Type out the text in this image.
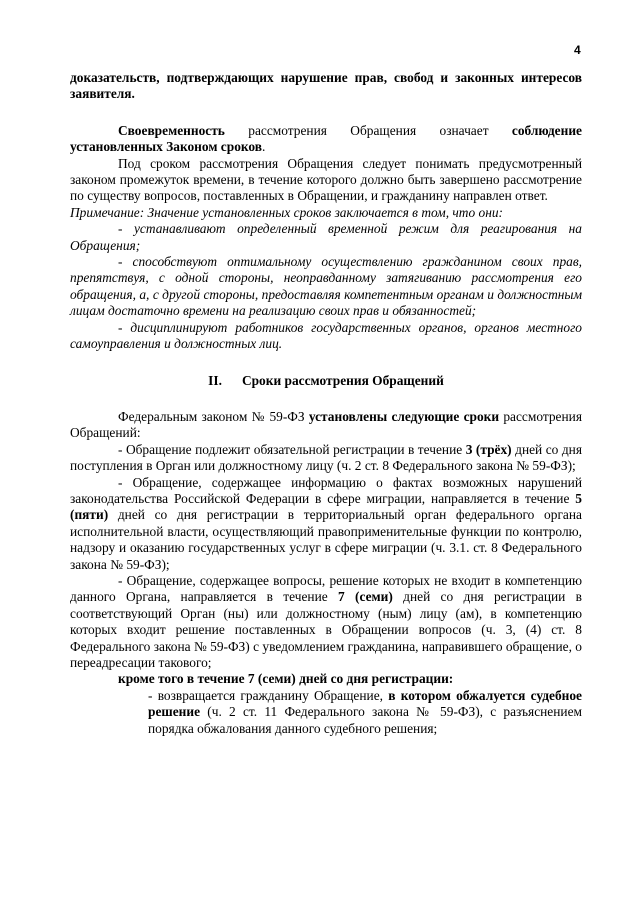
4

доказательств, подтверждающих нарушение прав, свобод и законных интересов заявителя.

Своевременность рассмотрения Обращения означает соблюдение установленных Законом сроков.

Под сроком рассмотрения Обращения следует понимать предусмотренный законом промежуток времени, в течение которого должно быть завершено рассмотрение по существу вопросов, поставленных в Обращении, и гражданину направлен ответ.

Примечание: Значение установленных сроков заключается в том, что они:

- устанавливают определенный временной режим для реагирования на Обращения;

- способствуют оптимальному осуществлению гражданином своих прав, препятствуя, с одной стороны, неоправданному затягиванию рассмотрения его обращения, а, с другой стороны, предоставляя компетентным органам и должностным лицам достаточно времени на реализацию своих прав и обязанностей;

- дисциплинируют работников государственных органов, органов местного самоуправления и должностных лиц.

II. Сроки рассмотрения Обращений

Федеральным законом № 59-ФЗ установлены следующие сроки рассмотрения Обращений:

- Обращение подлежит обязательной регистрации в течение 3 (трёх) дней со дня поступления в Орган или должностному лицу (ч. 2 ст. 8 Федерального закона № 59-ФЗ);

- Обращение, содержащее информацию о фактах возможных нарушений законодательства Российской Федерации в сфере миграции, направляется в течение 5 (пяти) дней со дня регистрации в территориальный орган федерального органа исполнительной власти, осуществляющий правоприменительные функции по контролю, надзору и оказанию государственных услуг в сфере миграции (ч. 3.1. ст. 8 Федерального закона № 59-ФЗ);

- Обращение, содержащее вопросы, решение которых не входит в компетенцию данного Органа, направляется в течение 7 (семи) дней со дня регистрации в соответствующий Орган (ны) или должностному (ным) лицу (ам), в компетенцию которых входит решение поставленных в Обращении вопросов (ч. 3, (4) ст. 8 Федерального закона № 59-ФЗ) с уведомлением гражданина, направившего обращение, о переадресации такового;

кроме того в течение 7 (семи) дней со дня регистрации:

- возвращается гражданину Обращение, в котором обжалуется судебное решение (ч. 2 ст. 11 Федерального закона № 59-ФЗ), с разъяснением порядка обжалования данного судебного решения;
